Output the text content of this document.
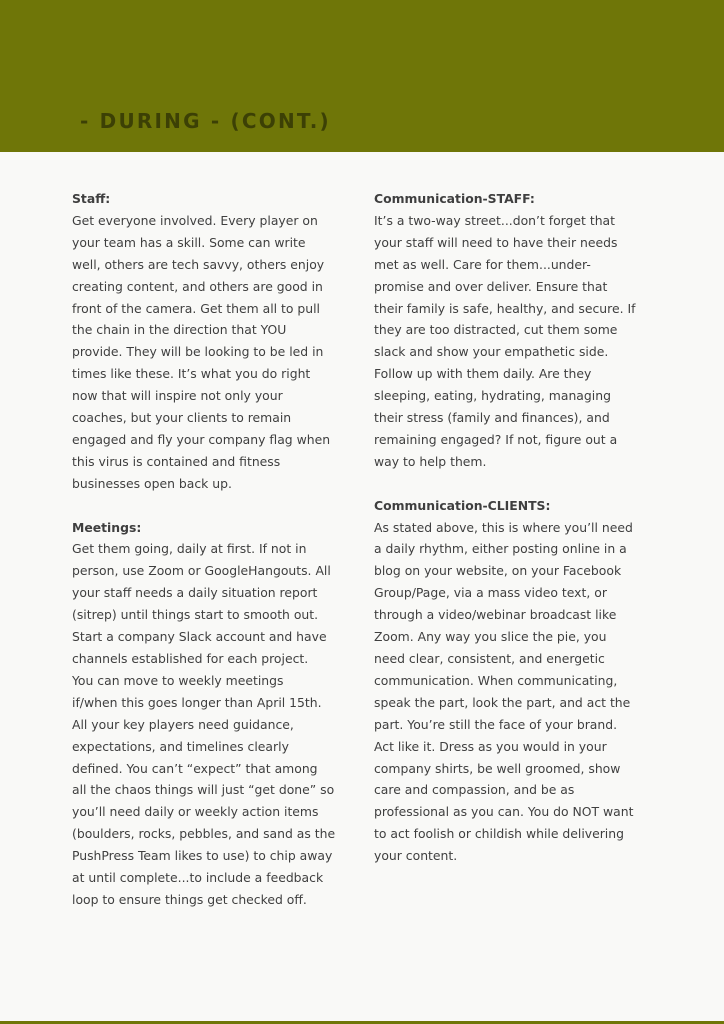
- DURING - (CONT.)
Staff:
Get everyone involved. Every player on
your team has a skill. Some can write
well, others are tech savvy, others enjoy
creating content, and others are good in
front of the camera. Get them all to pull
the chain in the direction that YOU
provide. They will be looking to be led in
times like these. It’s what you do right
now that will inspire not only your
coaches, but your clients to remain
engaged and fly your company flag when
this virus is contained and fitness
businesses open back up.
Meetings:
Get them going, daily at first. If not in
person, use Zoom or GoogleHangouts. All
your staff needs a daily situation report
(sitrep) until things start to smooth out.
Start a company Slack account and have
channels established for each project.
You can move to weekly meetings
if/when this goes longer than April 15th.
All your key players need guidance,
expectations, and timelines clearly
defined. You can’t “expect” that among
all the chaos things will just “get done” so
you’ll need daily or weekly action items
(boulders, rocks, pebbles, and sand as the
PushPress Team likes to use) to chip away
at until complete...to include a feedback
loop to ensure things get checked off.
Communication-STAFF:
It’s a two-way street...don’t forget that
your staff will need to have their needs
met as well. Care for them...under-
promise and over deliver. Ensure that
their family is safe, healthy, and secure. If
they are too distracted, cut them some
slack and show your empathetic side.
Follow up with them daily. Are they
sleeping, eating, hydrating, managing
their stress (family and finances), and
remaining engaged? If not, figure out a
way to help them.
Communication-CLIENTS:
As stated above, this is where you’ll need
a daily rhythm, either posting online in a
blog on your website, on your Facebook
Group/Page, via a mass video text, or
through a video/webinar broadcast like
Zoom. Any way you slice the pie, you
need clear, consistent, and energetic
communication. When communicating,
speak the part, look the part, and act the
part. You’re still the face of your brand.
Act like it. Dress as you would in your
company shirts, be well groomed, show
care and compassion, and be as
professional as you can. You do NOT want
to act foolish or childish while delivering
your content.
